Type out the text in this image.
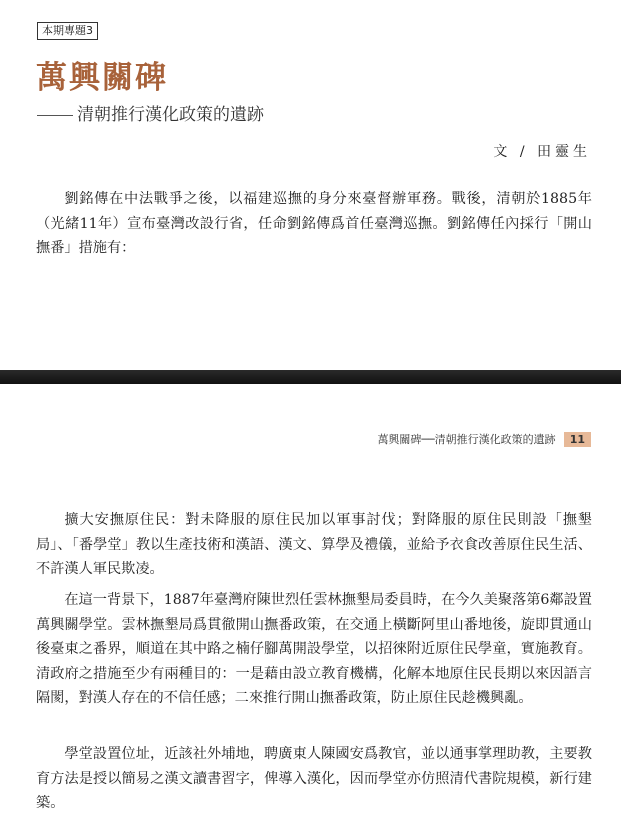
本期專題3
萬興關碑
清朝推行漢化政策的遺跡
文 / 田靈生

劉銘傳在中法戰爭之後，以福建巡撫的身分來臺督辦軍務。戰後，清朝於1885年（光緒11年）宣布臺灣改設行省，任命劉銘傳爲首任臺灣巡撫。劉銘傳任內採行「開山撫番」措施有：

萬興關碑──清朝推行漢化政策的遺跡	11

擴大安撫原住民：對未降服的原住民加以軍事討伐；對降服的原住民則設「撫墾局」、「番學堂」教以生產技術和漢語、漢文、算學及禮儀，並給予衣食改善原住民生活、不許漢人軍民欺凌。

在這一背景下，1887年臺灣府陳世烈任雲林撫墾局委員時，在今久美聚落第6鄰設置萬興關學堂。雲林撫墾局爲貫徹開山撫番政策，在交通上橫斷阿里山番地後，旋即貫通山後臺東之番界，順道在其中路之楠仔腳萬開設學堂，以招徠附近原住民學童，實施教育。清政府之措施至少有兩種目的：一是藉由設立教育機構，化解本地原住民長期以來因語言隔閡，對漢人存在的不信任感；二來推行開山撫番政策，防止原住民趁機興亂。

學堂設置位址，近該社外埔地，聘廣東人陳國安爲教官，並以通事掌理助教，主要教育方法是授以簡易之漢文讀書習字，俾導入漢化，因而學堂亦仿照清代書院規模，新行建築。
